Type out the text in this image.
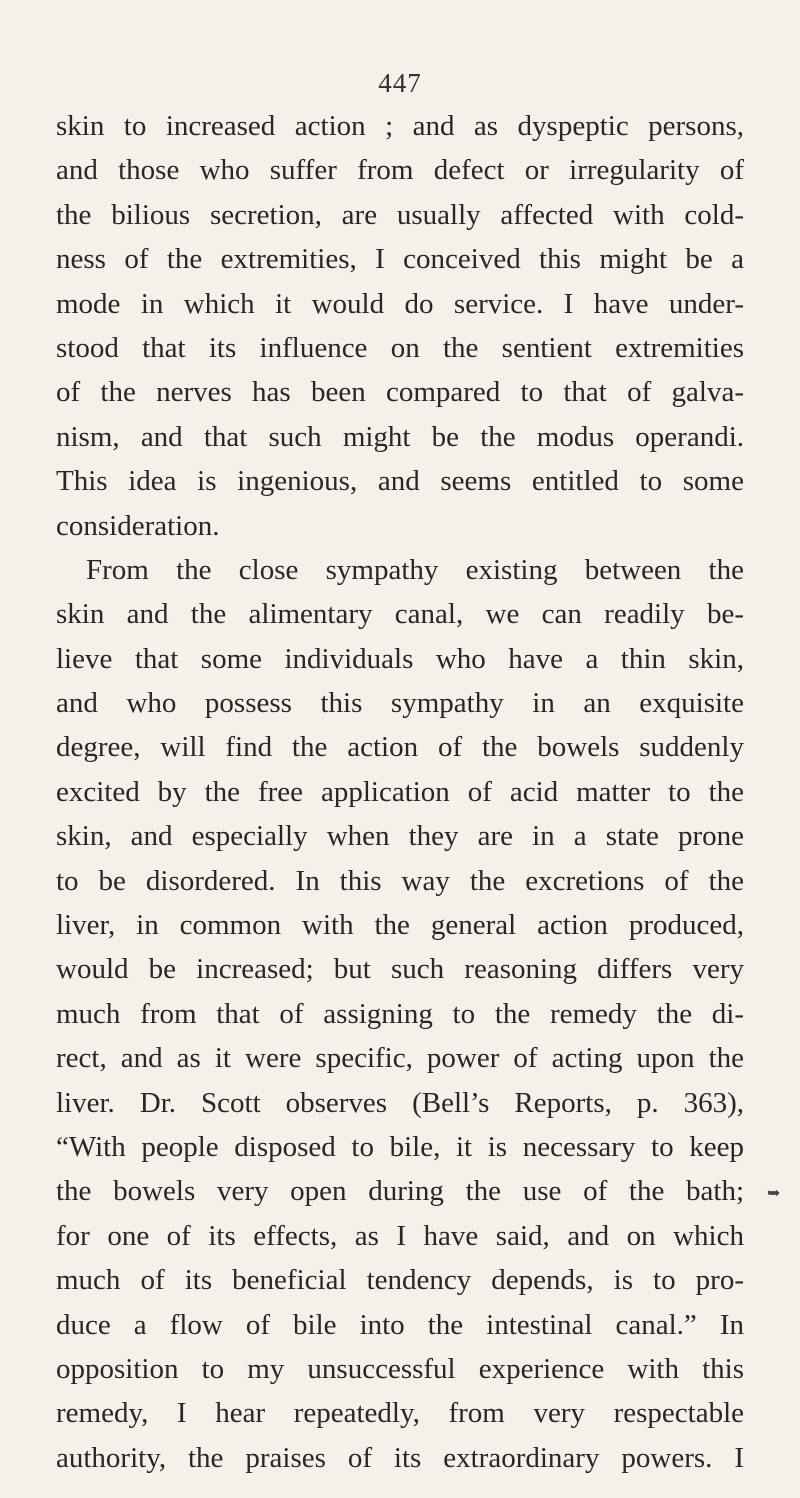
447
skin to increased action ; and as dyspeptic persons,
and those who suffer from defect or irregularity of
the bilious secretion, are usually affected with cold-
ness of the extremities, I conceived this might be a
mode in which it would do service. I have under-
stood that its influence on the sentient extremities
of the nerves has been compared to that of galva-
nism, and that such might be the modus operandi.
This idea is ingenious, and seems entitled to some
consideration.
From the close sympathy existing between the
skin and the alimentary canal, we can readily be-
lieve that some individuals who have a thin skin,
and who possess this sympathy in an exquisite
degree, will find the action of the bowels suddenly
excited by the free application of acid matter to the
skin, and especially when they are in a state prone
to be disordered. In this way the excretions of the
liver, in common with the general action produced,
would be increased; but such reasoning differs very
much from that of assigning to the remedy the di-
rect, and as it were specific, power of acting upon the
liver. Dr. Scott observes (Bell’s Reports, p. 363),
“With people disposed to bile, it is necessary to keep
the bowels very open during the use of the bath;
for one of its effects, as I have said, and on which
much of its beneficial tendency depends, is to pro-
duce a flow of bile into the intestinal canal.” In
opposition to my unsuccessful experience with this
remedy, I hear repeatedly, from very respectable
authority, the praises of its extraordinary powers. I
➥
